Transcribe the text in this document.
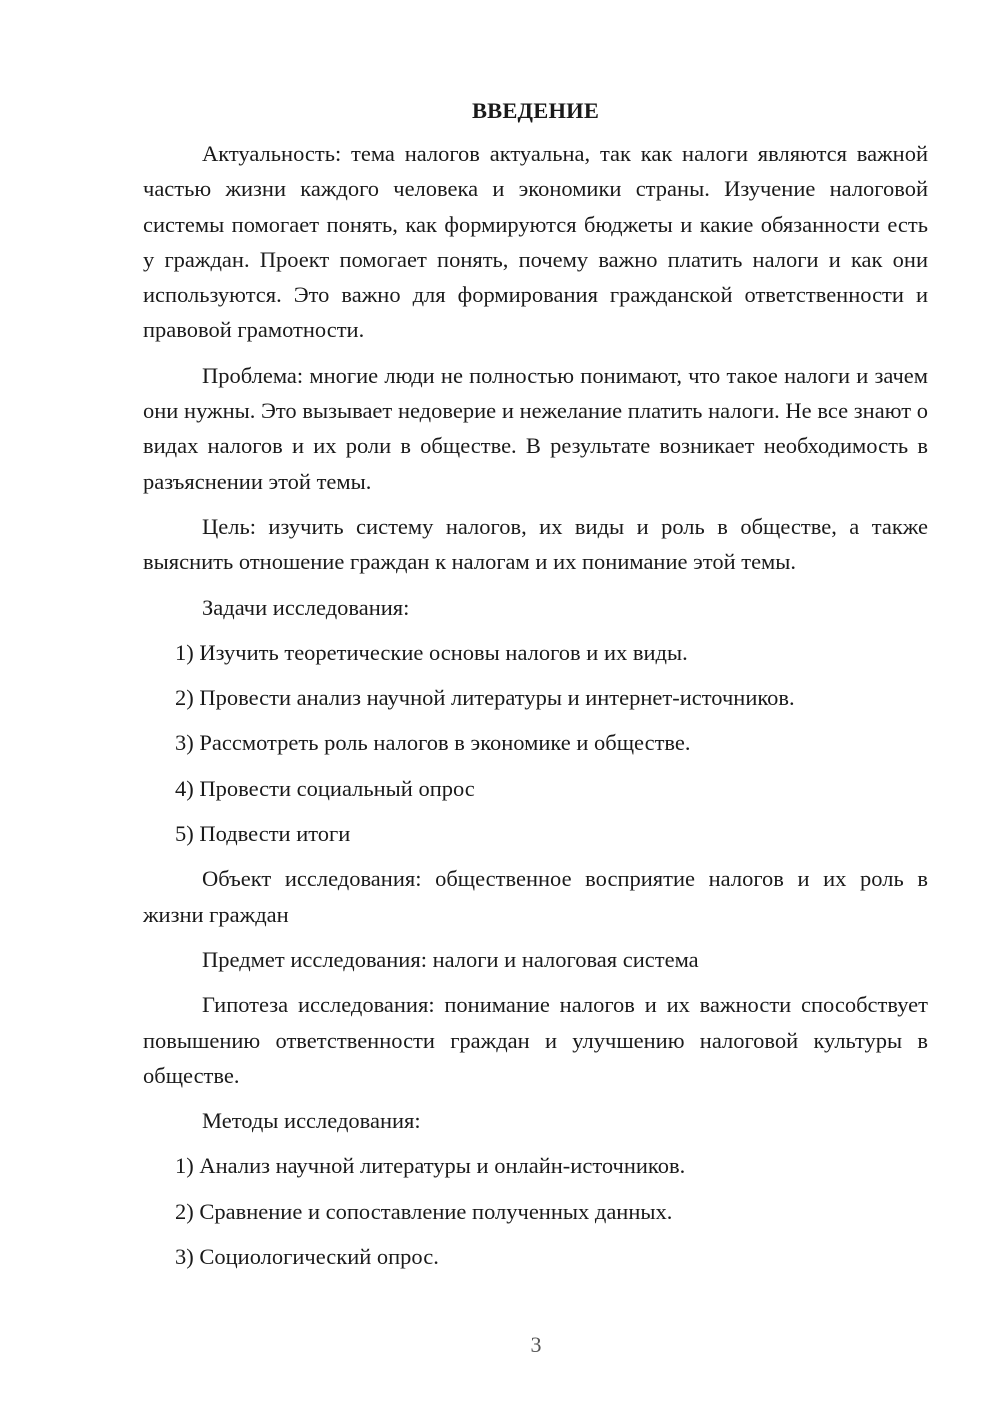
ВВЕДЕНИЕ

Актуальность: тема налогов актуальна, так как налоги являются важной частью жизни каждого человека и экономики страны. Изучение налоговой системы помогает понять, как формируются бюджеты и какие обязанности есть у граждан. Проект помогает понять, почему важно платить налоги и как они используются. Это важно для формирования гражданской ответственности и правовой грамотности.

Проблема: многие люди не полностью понимают, что такое налоги и зачем они нужны. Это вызывает недоверие и нежелание платить налоги. Не все знают о видах налогов и их роли в обществе. В результате возникает необходимость в разъяснении этой темы.

Цель: изучить систему налогов, их виды и роль в обществе, а также выяснить отношение граждан к налогам и их понимание этой темы.

Задачи исследования:

1) Изучить теоретические основы налогов и их виды.
2) Провести анализ научной литературы и интернет-источников.
3) Рассмотреть роль налогов в экономике и обществе.
4) Провести социальный опрос
5) Подвести итоги

Объект исследования: общественное восприятие налогов и их роль в жизни граждан

Предмет исследования: налоги и налоговая система

Гипотеза исследования: понимание налогов и их важности способствует повышению ответственности граждан и улучшению налоговой культуры в обществе.

Методы исследования:

1) Анализ научной литературы и онлайн-источников.
2) Сравнение и сопоставление полученных данных.
3) Социологический опрос.
3
